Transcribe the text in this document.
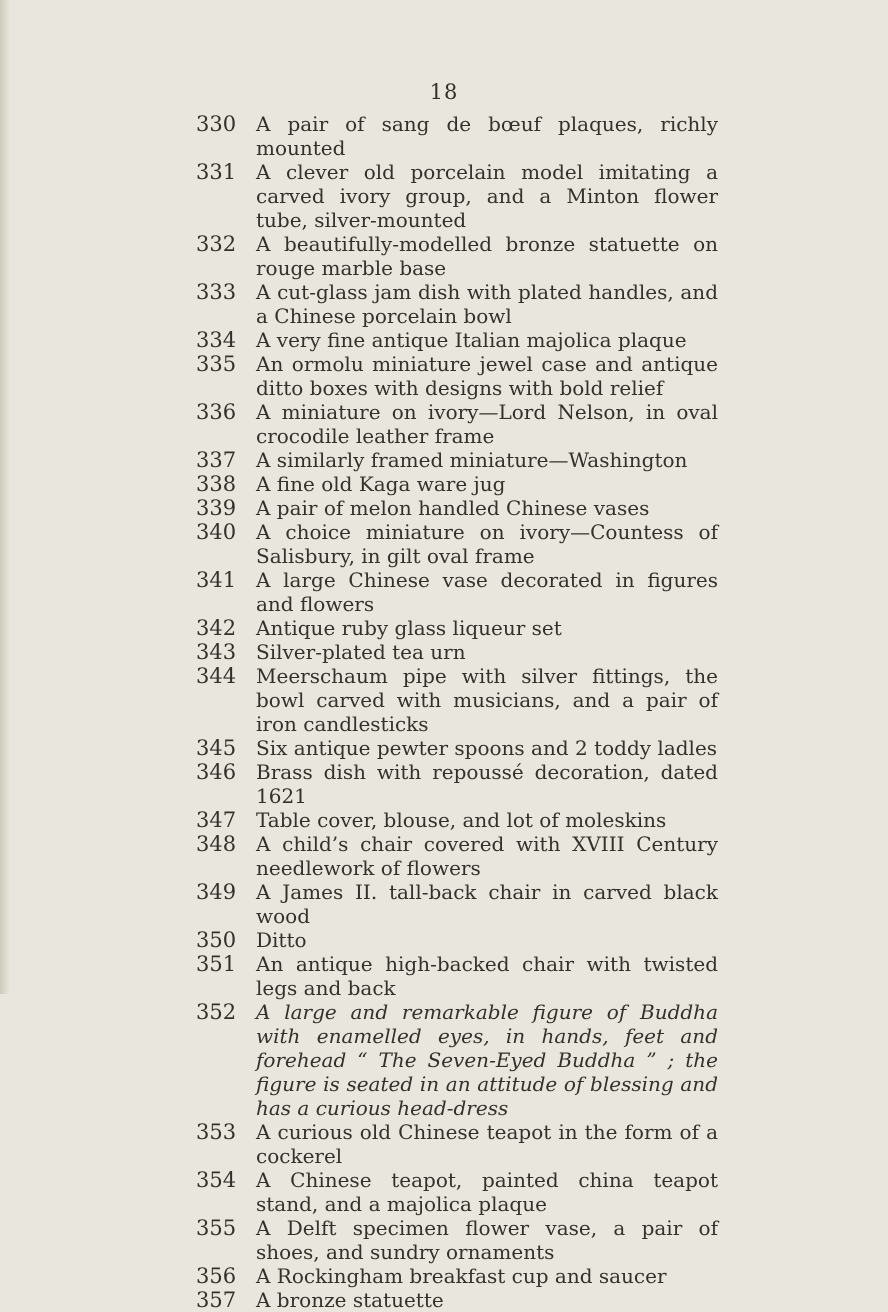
18
330 A pair of sang de bœuf plaques, richly mounted
331 A clever old porcelain model imitating a carved ivory group, and a Minton flower tube, silver-mounted
332 A beautifully-modelled bronze statuette on rouge marble base
333 A cut-glass jam dish with plated handles, and a Chinese porcelain bowl
334 A very fine antique Italian majolica plaque
335 An ormolu miniature jewel case and antique ditto boxes with designs with bold relief
336 A miniature on ivory—Lord Nelson, in oval crocodile leather frame
337 A similarly framed miniature—Washington
338 A fine old Kaga ware jug
339 A pair of melon handled Chinese vases
340 A choice miniature on ivory—Countess of Salisbury, in gilt oval frame
341 A large Chinese vase decorated in figures and flowers
342 Antique ruby glass liqueur set
343 Silver-plated tea urn
344 Meerschaum pipe with silver fittings, the bowl carved with musicians, and a pair of iron candlesticks
345 Six antique pewter spoons and 2 toddy ladles
346 Brass dish with repoussé decoration, dated 1621
347 Table cover, blouse, and lot of moleskins
348 A child’s chair covered with XVIII Century needlework of flowers
349 A James II. tall-back chair in carved black wood
350 Ditto
351 An antique high-backed chair with twisted legs and back
352 A large and remarkable figure of Buddha with enamelled eyes, in hands, feet and forehead “ The Seven-Eyed Buddha ” ; the figure is seated in an attitude of blessing and has a curious head-dress
353 A curious old Chinese teapot in the form of a cockerel
354 A Chinese teapot, painted china teapot stand, and a majolica plaque
355 A Delft specimen flower vase, a pair of shoes, and sundry ornaments
356 A Rockingham breakfast cup and saucer
357 A bronze statuette
